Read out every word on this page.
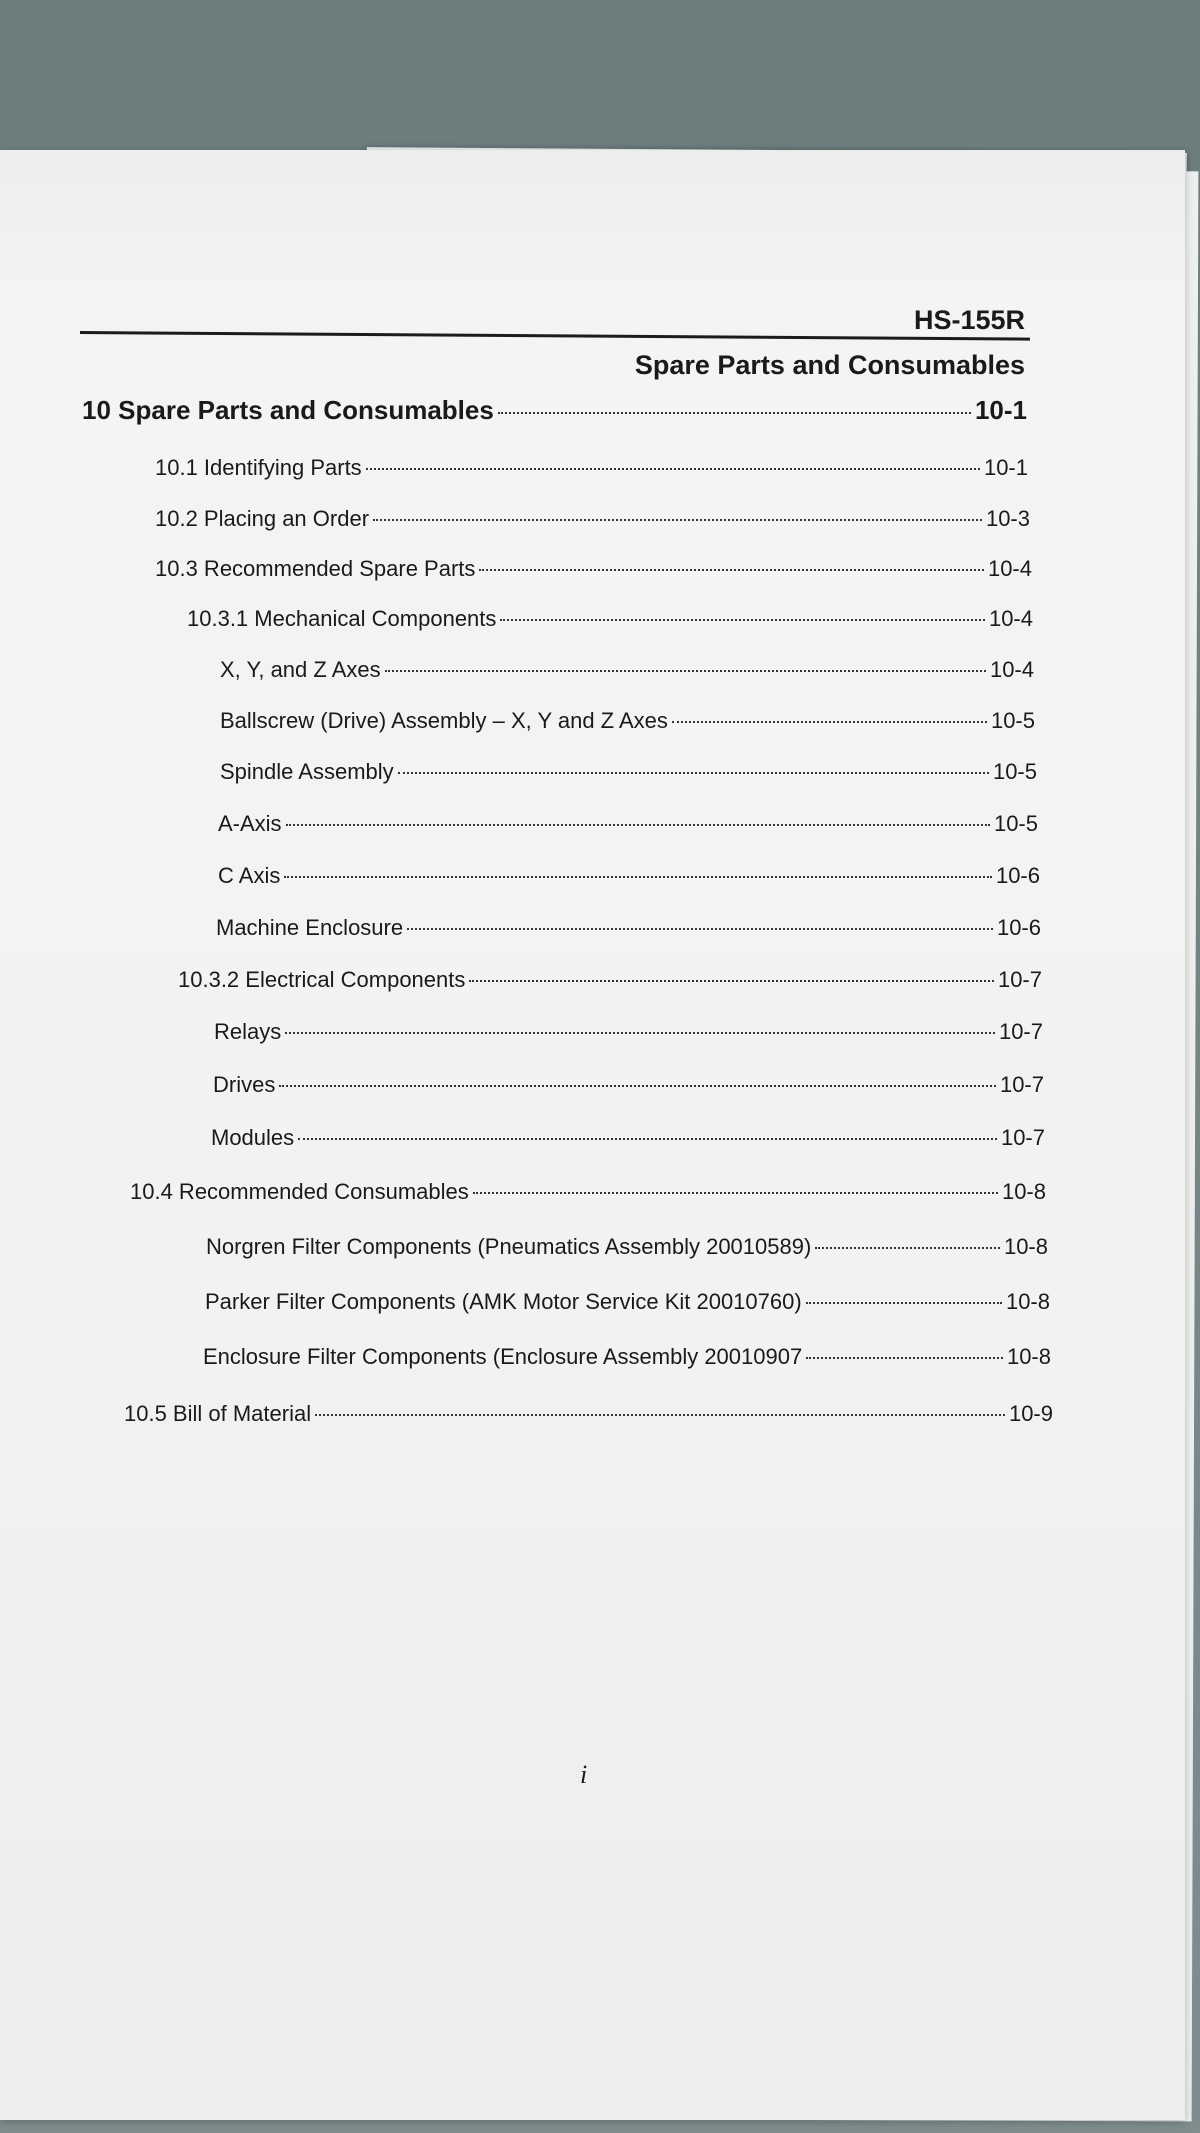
HS-155R
Spare Parts and Consumables
10 Spare Parts and Consumables	10-1
10.1 Identifying Parts	10-1
10.2 Placing an Order	10-3
10.3 Recommended Spare Parts	10-4
10.3.1 Mechanical Components	10-4
X, Y, and Z Axes	10-4
Ballscrew (Drive) Assembly – X, Y and Z Axes	10-5
Spindle Assembly	10-5
A-Axis	10-5
C Axis	10-6
Machine Enclosure	10-6
10.3.2 Electrical Components	10-7
Relays	10-7
Drives	10-7
Modules	10-7
10.4 Recommended Consumables	10-8
Norgren Filter Components (Pneumatics Assembly 20010589)	10-8
Parker Filter Components (AMK Motor Service Kit 20010760)	10-8
Enclosure Filter Components (Enclosure Assembly 20010907	10-8
10.5 Bill of Material	10-9
i
